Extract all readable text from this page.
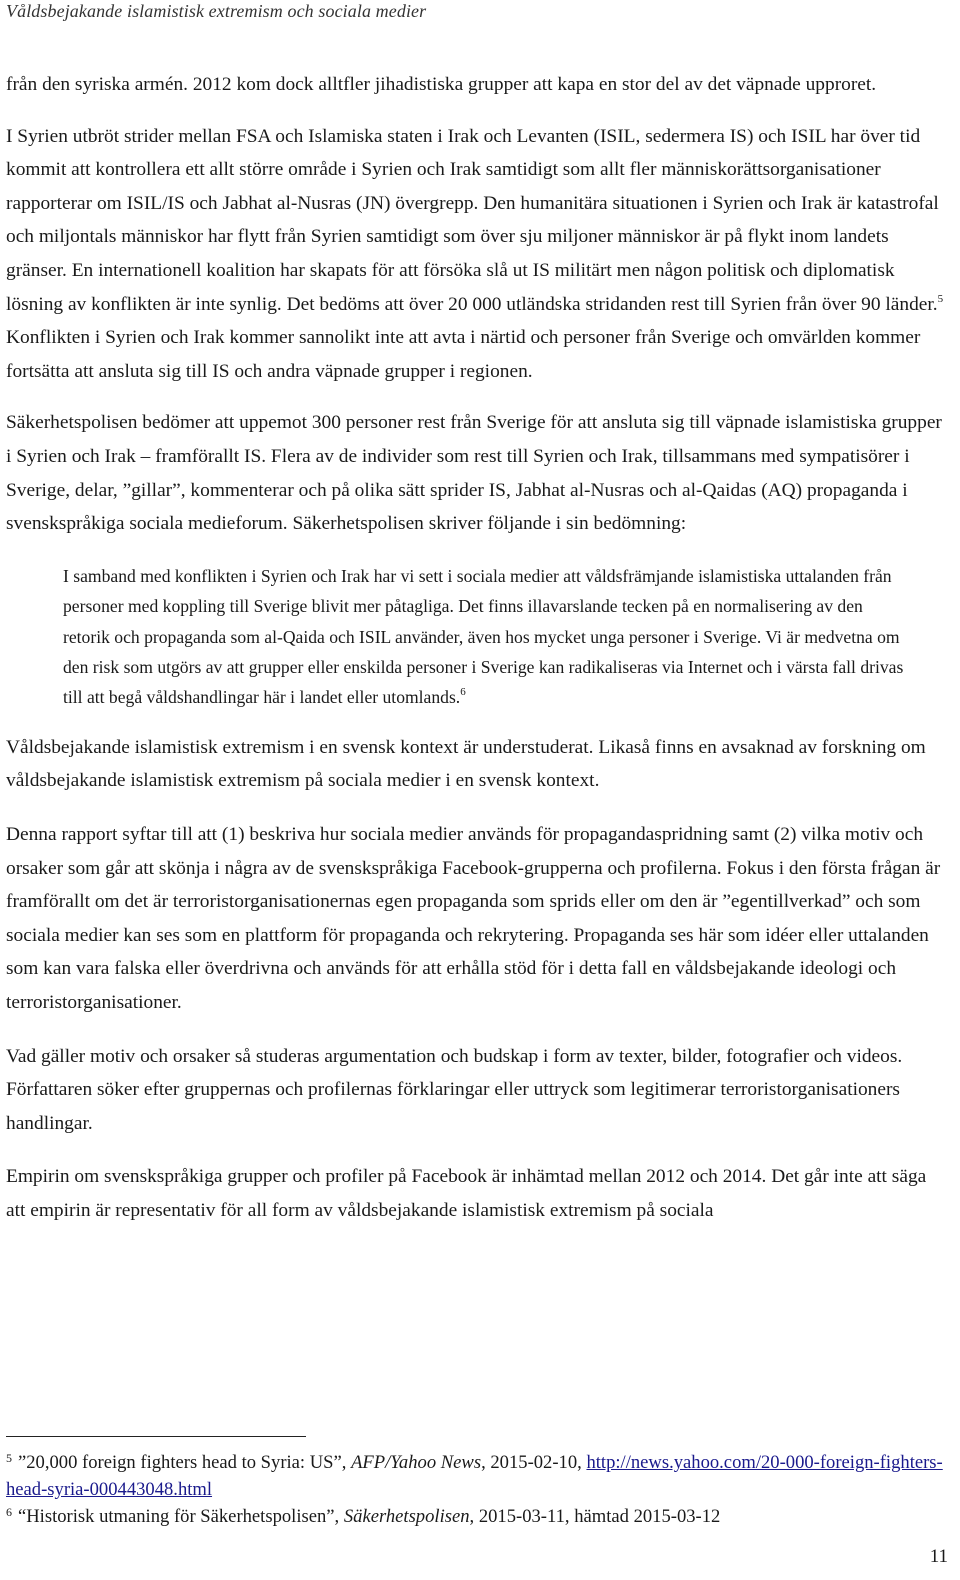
Våldsbejakande islamistisk extremism och sociala medier

från den syriska armén. 2012 kom dock alltfler jihadistiska grupper att kapa en stor del av det väpnade upproret.

I Syrien utbröt strider mellan FSA och Islamiska staten i Irak och Levanten (ISIL, sedermera IS) och ISIL har över tid kommit att kontrollera ett allt större område i Syrien och Irak samtidigt som allt fler människorättsorganisationer rapporterar om ISIL/IS och Jabhat al-Nusras (JN) övergrepp. Den humanitära situationen i Syrien och Irak är katastrofal och miljontals människor har flytt från Syrien samtidigt som över sju miljoner människor är på flykt inom landets gränser. En internationell koalition har skapats för att försöka slå ut IS militärt men någon politisk och diplomatisk lösning av konflikten är inte synlig. Det bedöms att över 20 000 utländska stridanden rest till Syrien från över 90 länder.$^5$ Konflikten i Syrien och Irak kommer sannolikt inte att avta i närtid och personer från Sverige och omvärlden kommer fortsätta att ansluta sig till IS och andra väpnade grupper i regionen.

Säkerhetspolisen bedömer att uppemot 300 personer rest från Sverige för att ansluta sig till väpnade islamistiska grupper i Syrien och Irak – framförallt IS. Flera av de individer som rest till Syrien och Irak, tillsammans med sympatisörer i Sverige, delar, ”gillar”, kommenterar och på olika sätt sprider IS, Jabhat al-Nusras och al-Qaidas (AQ) propaganda i svenskspråkiga sociala medieforum. Säkerhetspolisen skriver följande i sin bedömning:

I samband med konflikten i Syrien och Irak har vi sett i sociala medier att våldsfrämjande islamistiska uttalanden från personer med koppling till Sverige blivit mer påtagliga. Det finns illavarslande tecken på en normalisering av den retorik och propaganda som al-Qaida och ISIL använder, även hos mycket unga personer i Sverige. Vi är medvetna om den risk som utgörs av att grupper eller enskilda personer i Sverige kan radikaliseras via Internet och i värsta fall drivas till att begå våldshandlingar här i landet eller utomlands.$^6$

Våldsbejakande islamistisk extremism i en svensk kontext är understuderat. Likaså finns en avsaknad av forskning om våldsbejakande islamistisk extremism på sociala medier i en svensk kontext.

Denna rapport syftar till att (1) beskriva hur sociala medier används för propagandaspridning samt (2) vilka motiv och orsaker som går att skönja i några av de svenskspråkiga Facebook-grupperna och profilerna. Fokus i den första frågan är framförallt om det är terroristorganisationernas egen propaganda som sprids eller om den är ”egentillverkad” och som sociala medier kan ses som en plattform för propaganda och rekrytering. Propaganda ses här som idéer eller uttalanden som kan vara falska eller överdrivna och används för att erhålla stöd för i detta fall en våldsbejakande ideologi och terroristorganisationer.

Vad gäller motiv och orsaker så studeras argumentation och budskap i form av texter, bilder, fotografier och videos. Författaren söker efter gruppernas och profilernas förklaringar eller uttryck som legitimerar terroristorganisationers handlingar.

Empirin om svenskspråkiga grupper och profiler på Facebook är inhämtad mellan 2012 och 2014. Det går inte att säga att empirin är representativ för all form av våldsbejakande islamistisk extremism på sociala

$^5$ ”20,000 foreign fighters head to Syria: US”, AFP/Yahoo News, 2015-02-10, http://news.yahoo.com/20-000-foreign-fighters-head-syria-000443048.html

$^6$ “Historisk utmaning för Säkerhetspolisen”, Säkerhetspolisen, 2015-03-11, hämtad 2015-03-12

11
